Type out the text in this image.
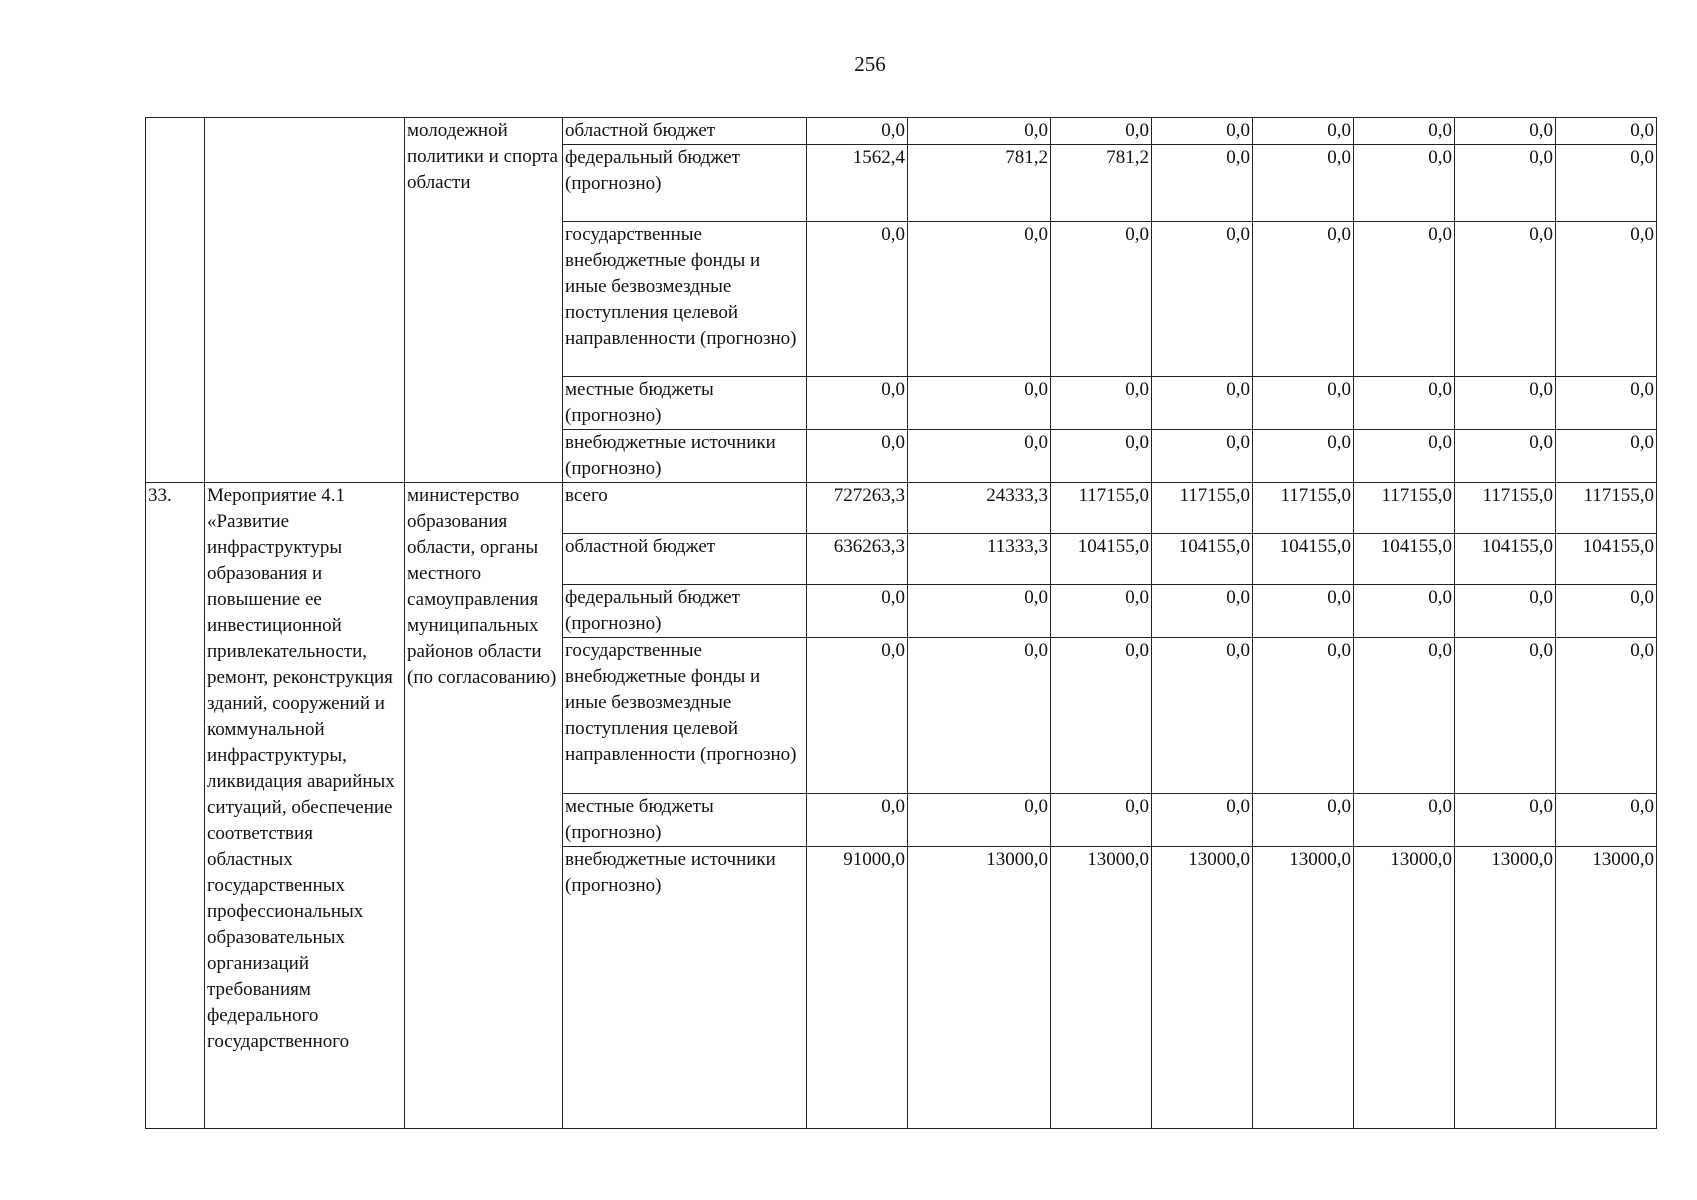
256
		молодежной политики и спорта области	областной бюджет	0,0	0,0	0,0	0,0	0,0	0,0	0,0	0,0
			федеральный бюджет (прогнозно)	1562,4	781,2	781,2	0,0	0,0	0,0	0,0	0,0
			государственные внебюджетные фонды и иные безвозмездные поступления целевой направленности (прогнозно)	0,0	0,0	0,0	0,0	0,0	0,0	0,0	0,0
			местные бюджеты (прогнозно)	0,0	0,0	0,0	0,0	0,0	0,0	0,0	0,0
			внебюджетные источники (прогнозно)	0,0	0,0	0,0	0,0	0,0	0,0	0,0	0,0
33.	Мероприятие 4.1 «Развитие инфраструктуры образования и повышение ее инвестиционной привлекательности, ремонт, реконструкция зданий, сооружений и коммунальной инфраструктуры, ликвидация аварийных ситуаций, обеспечение соответствия областных государственных профессиональных образовательных организаций требованиям федерального государственного	министерство образования области, органы местного самоуправления муниципальных районов области (по согласованию)	всего	727263,3	24333,3	117155,0	117155,0	117155,0	117155,0	117155,0	117155,0
			областной бюджет	636263,3	11333,3	104155,0	104155,0	104155,0	104155,0	104155,0	104155,0
			федеральный бюджет (прогнозно)	0,0	0,0	0,0	0,0	0,0	0,0	0,0	0,0
			государственные внебюджетные фонды и иные безвозмездные поступления целевой направленности (прогнозно)	0,0	0,0	0,0	0,0	0,0	0,0	0,0	0,0
			местные бюджеты (прогнозно)	0,0	0,0	0,0	0,0	0,0	0,0	0,0	0,0
			внебюджетные источники (прогнозно)	91000,0	13000,0	13000,0	13000,0	13000,0	13000,0	13000,0	13000,0
